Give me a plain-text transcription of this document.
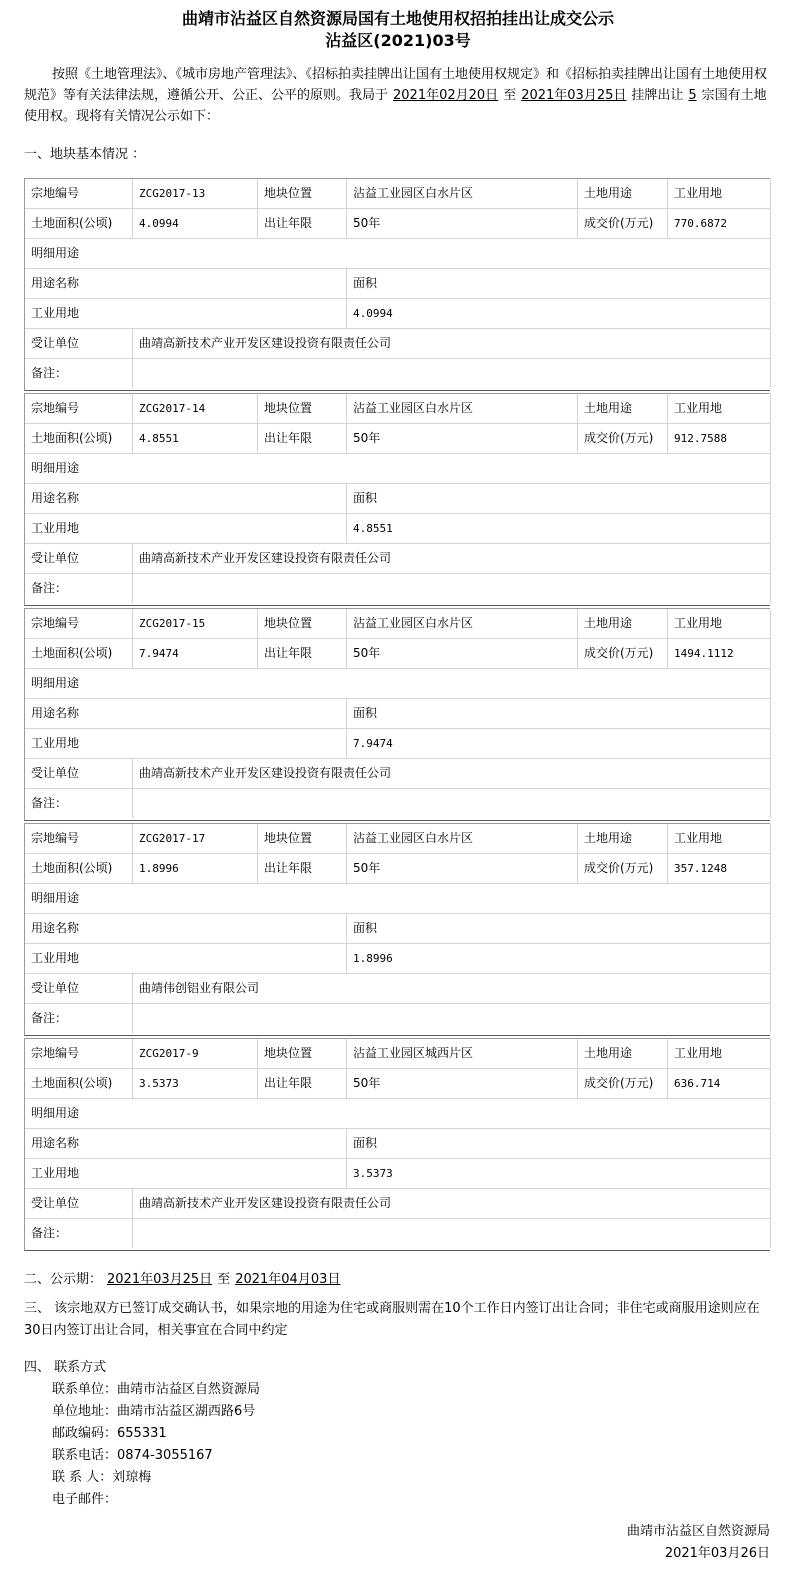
曲靖市沾益区自然资源局国有土地使用权招拍挂出让成交公示
沾益区(2021)03号
按照《土地管理法》、《城市房地产管理法》、《招标拍卖挂牌出让国有土地使用权规定》和《招标拍卖挂牌出让国有土地使用权规范》等有关法律法规，遵循公开、公正、公平的原则。我局于 2021年02月20日 至 2021年03月25日 挂牌出让 5 宗国有土地使用权。现将有关情况公示如下：
一、地块基本情况 ：
宗地编号	ZCG2017-13	地块位置	沾益工业园区白水片区	土地用途	工业用地
土地面积(公顷)	4.0994	出让年限	50年	成交价(万元)	770.6872
明细用途
用途名称	面积
工业用地	4.0994
受让单位	曲靖高新技术产业开发区建设投资有限责任公司
备注：
宗地编号	ZCG2017-14	地块位置	沾益工业园区白水片区	土地用途	工业用地
土地面积(公顷)	4.8551	出让年限	50年	成交价(万元)	912.7588
明细用途
用途名称	面积
工业用地	4.8551
受让单位	曲靖高新技术产业开发区建设投资有限责任公司
备注：
宗地编号	ZCG2017-15	地块位置	沾益工业园区白水片区	土地用途	工业用地
土地面积(公顷)	7.9474	出让年限	50年	成交价(万元)	1494.1112
明细用途
用途名称	面积
工业用地	7.9474
受让单位	曲靖高新技术产业开发区建设投资有限责任公司
备注：
宗地编号	ZCG2017-17	地块位置	沾益工业园区白水片区	土地用途	工业用地
土地面积(公顷)	1.8996	出让年限	50年	成交价(万元)	357.1248
明细用途
用途名称	面积
工业用地	1.8996
受让单位	曲靖伟创铝业有限公司
备注：
宗地编号	ZCG2017-9	地块位置	沾益工业园区城西片区	土地用途	工业用地
土地面积(公顷)	3.5373	出让年限	50年	成交价(万元)	636.714
明细用途
用途名称	面积
工业用地	3.5373
受让单位	曲靖高新技术产业开发区建设投资有限责任公司
备注：
二、公示期： 2021年03月25日 至 2021年04月03日
三、 该宗地双方已签订成交确认书，如果宗地的用途为住宅或商服则需在10个工作日内签订出让合同；非住宅或商服用途则应在30日内签订出让合同，相关事宜在合同中约定
四、 联系方式
联系单位：曲靖市沾益区自然资源局
单位地址：曲靖市沾益区湖西路6号
邮政编码：655331
联系电话：0874-3055167
联 系 人：刘琼梅
电子邮件：
曲靖市沾益区自然资源局
2021年03月26日
